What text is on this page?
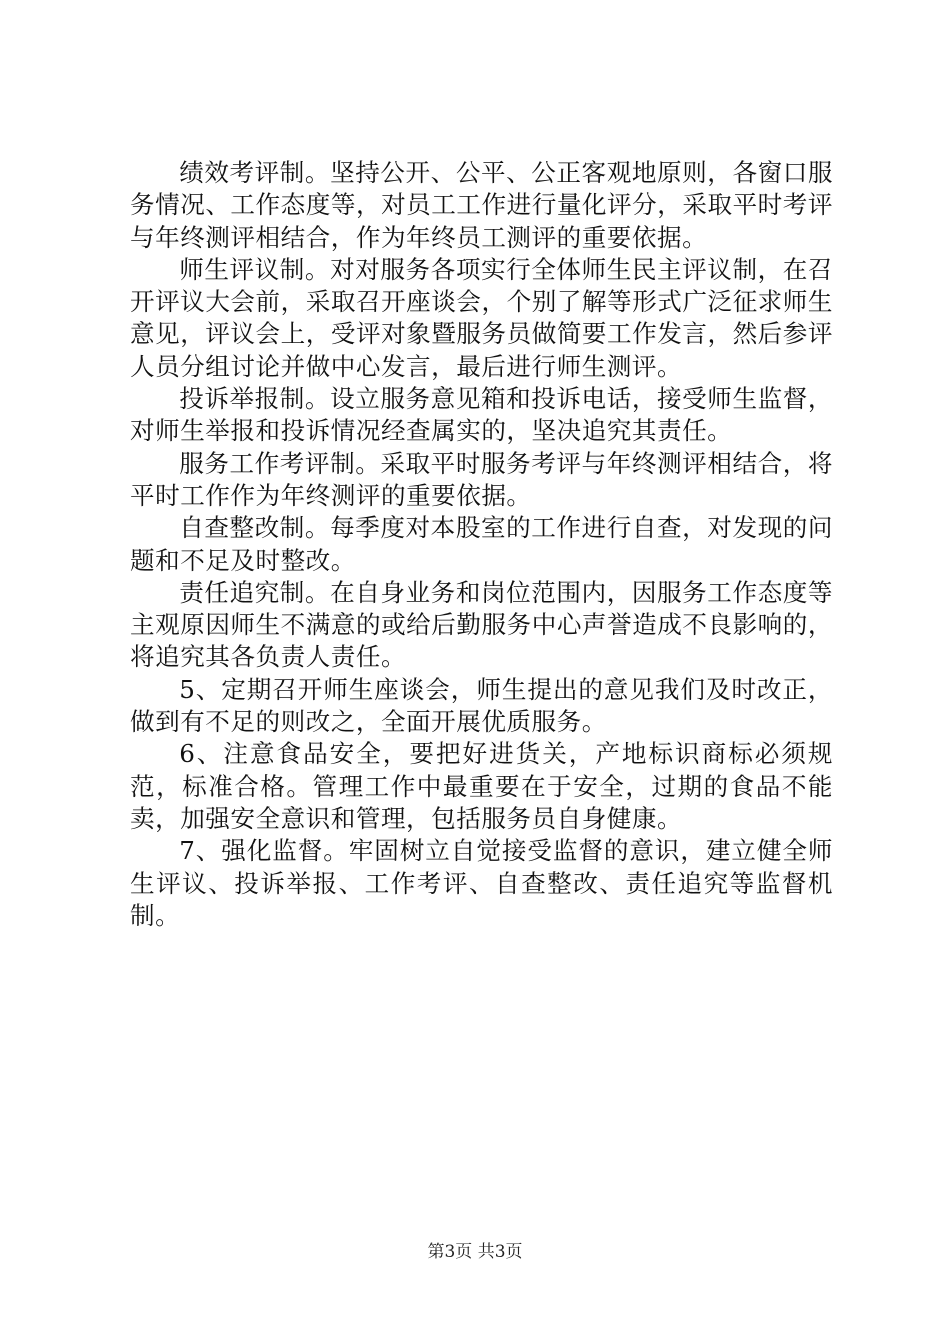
绩效考评制。坚持公开、公平、公正客观地原则，各窗口服务情况、工作态度等，对员工工作进行量化评分，采取平时考评与年终测评相结合，作为年终员工测评的重要依据。

师生评议制。对对服务各项实行全体师生民主评议制，在召开评议大会前，采取召开座谈会，个别了解等形式广泛征求师生意见，评议会上，受评对象暨服务员做简要工作发言，然后参评人员分组讨论并做中心发言，最后进行师生测评。

投诉举报制。设立服务意见箱和投诉电话，接受师生监督，对师生举报和投诉情况经查属实的，坚决追究其责任。

服务工作考评制。采取平时服务考评与年终测评相结合，将平时工作作为年终测评的重要依据。

自查整改制。每季度对本股室的工作进行自查，对发现的问题和不足及时整改。

责任追究制。在自身业务和岗位范围内，因服务工作态度等主观原因师生不满意的或给后勤服务中心声誉造成不良影响的，将追究其各负责人责任。

5、定期召开师生座谈会，师生提出的意见我们及时改正，做到有不足的则改之，全面开展优质服务。

6、注意食品安全，要把好进货关，产地标识商标必须规范，标准合格。管理工作中最重要在于安全，过期的食品不能卖，加强安全意识和管理，包括服务员自身健康。

7、强化监督。牢固树立自觉接受监督的意识，建立健全师生评议、投诉举报、工作考评、自查整改、责任追究等监督机制。

第3页 共3页
